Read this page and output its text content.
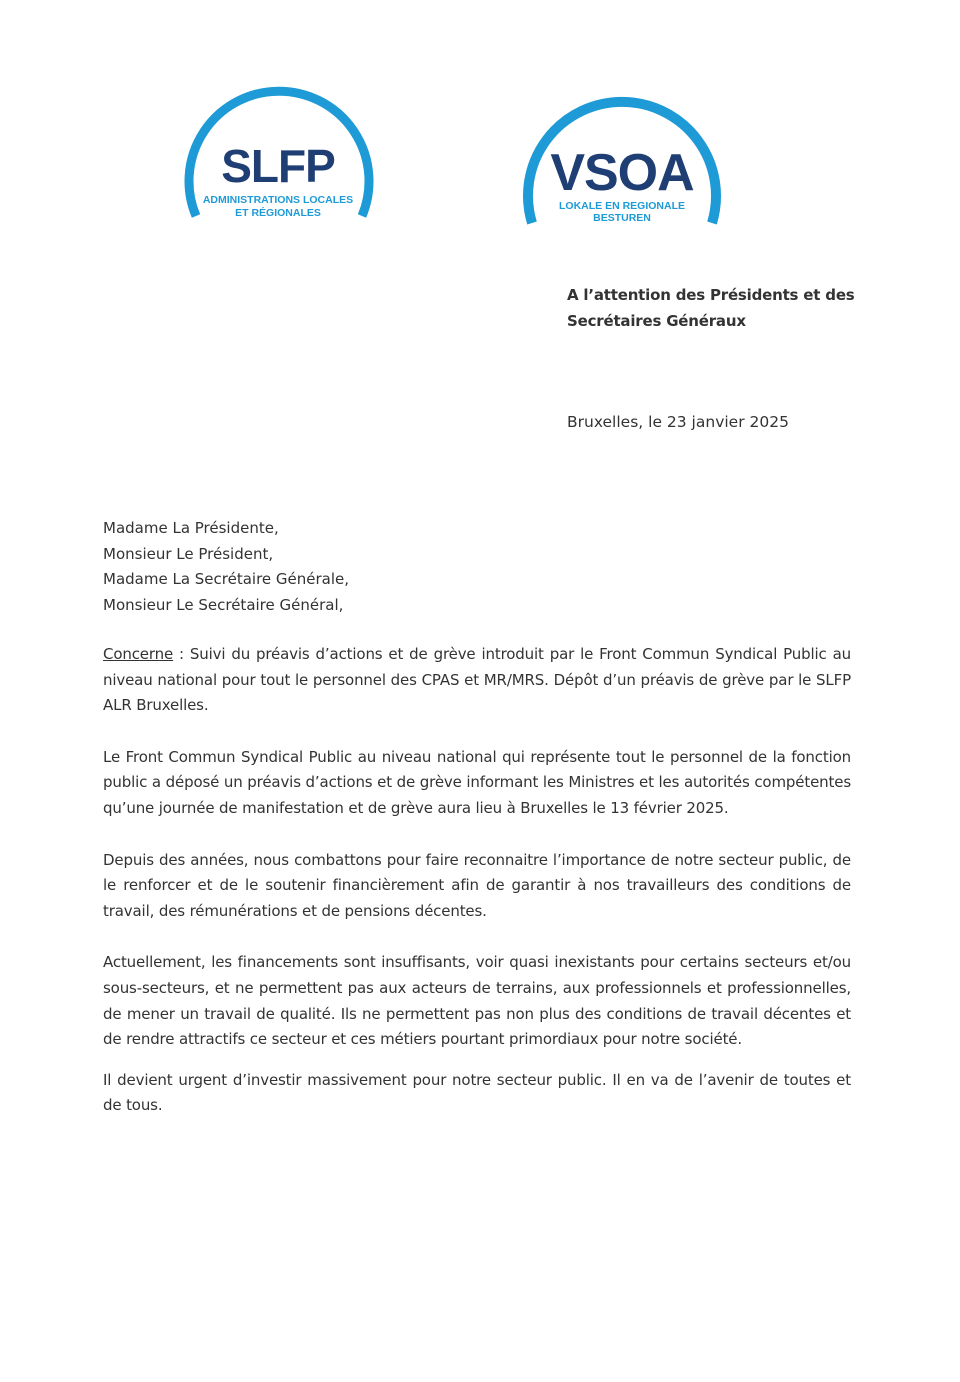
SLFP
ADMINISTRATIONS LOCALES
ET RÉGIONALES
VSOA
LOKALE EN REGIONALE
BESTUREN
A l’attention des Présidents et des
Secrétaires Généraux
Bruxelles, le 23 janvier 2025
Madame La Présidente,
Monsieur Le Président,
Madame La Secrétaire Générale,
Monsieur Le Secrétaire Général,

Concerne : Suivi du préavis d’actions et de grève introduit par le Front Commun Syndical Public au niveau national pour tout le personnel des CPAS et MR/MRS. Dépôt d’un préavis de grève par le SLFP ALR Bruxelles.

Le Front Commun Syndical Public au niveau national qui représente tout le personnel de la fonction public a déposé un préavis d’actions et de grève informant les Ministres et les autorités compétentes qu’une journée de manifestation et de grève aura lieu à Bruxelles le 13 février 2025.

Depuis des années, nous combattons pour faire reconnaitre l’importance de notre secteur public, de le renforcer et de le soutenir financièrement afin de garantir à nos travailleurs des conditions de travail, des rémunérations et de pensions décentes.

Actuellement, les financements sont insuffisants, voir quasi inexistants pour certains secteurs et/ou sous-secteurs, et ne permettent pas aux acteurs de terrains, aux professionnels et professionnelles, de mener un travail de qualité. Ils ne permettent pas non plus des conditions de travail décentes et de rendre attractifs ce secteur et ces métiers pourtant primordiaux pour notre société.

Il devient urgent d’investir massivement pour notre secteur public. Il en va de l’avenir de toutes et de tous.
